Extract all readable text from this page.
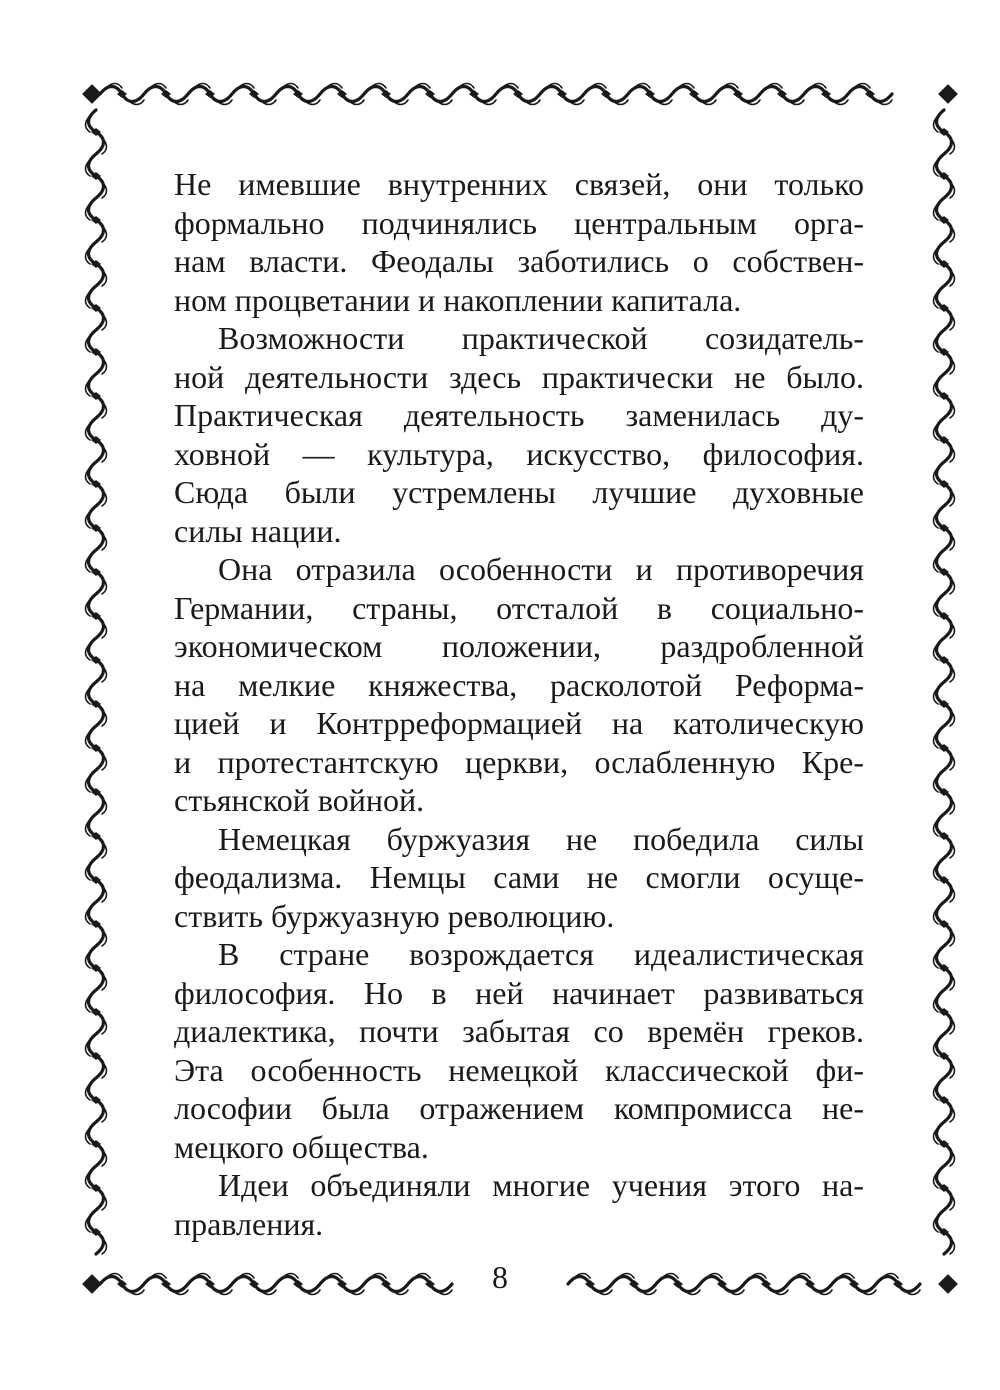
Не имевшие внутренних связей, они только
формально подчинялись центральным орга-
нам власти. Феодалы заботились о собствен-
ном процветании и накоплении капитала.
Возможности практической созидатель-
ной деятельности здесь практически не было.
Практическая деятельность заменилась ду-
ховной — культура, искусство, философия.
Сюда были устремлены лучшие духовные
силы нации.
Она отразила особенности и противоречия
Германии, страны, отсталой в социально-
экономическом положении, раздробленной
на мелкие княжества, расколотой Реформа-
цией и Контрреформацией на католическую
и протестантскую церкви, ослабленную Кре-
стьянской войной.
Немецкая буржуазия не победила силы
феодализма. Немцы сами не смогли осуще-
ствить буржуазную революцию.
В стране возрождается идеалистическая
философия. Но в ней начинает развиваться
диалектика, почти забытая со времён греков.
Эта особенность немецкой классической фи-
лософии была отражением компромисса не-
мецкого общества.
Идеи объединяли многие учения этого на-
правления.
8
